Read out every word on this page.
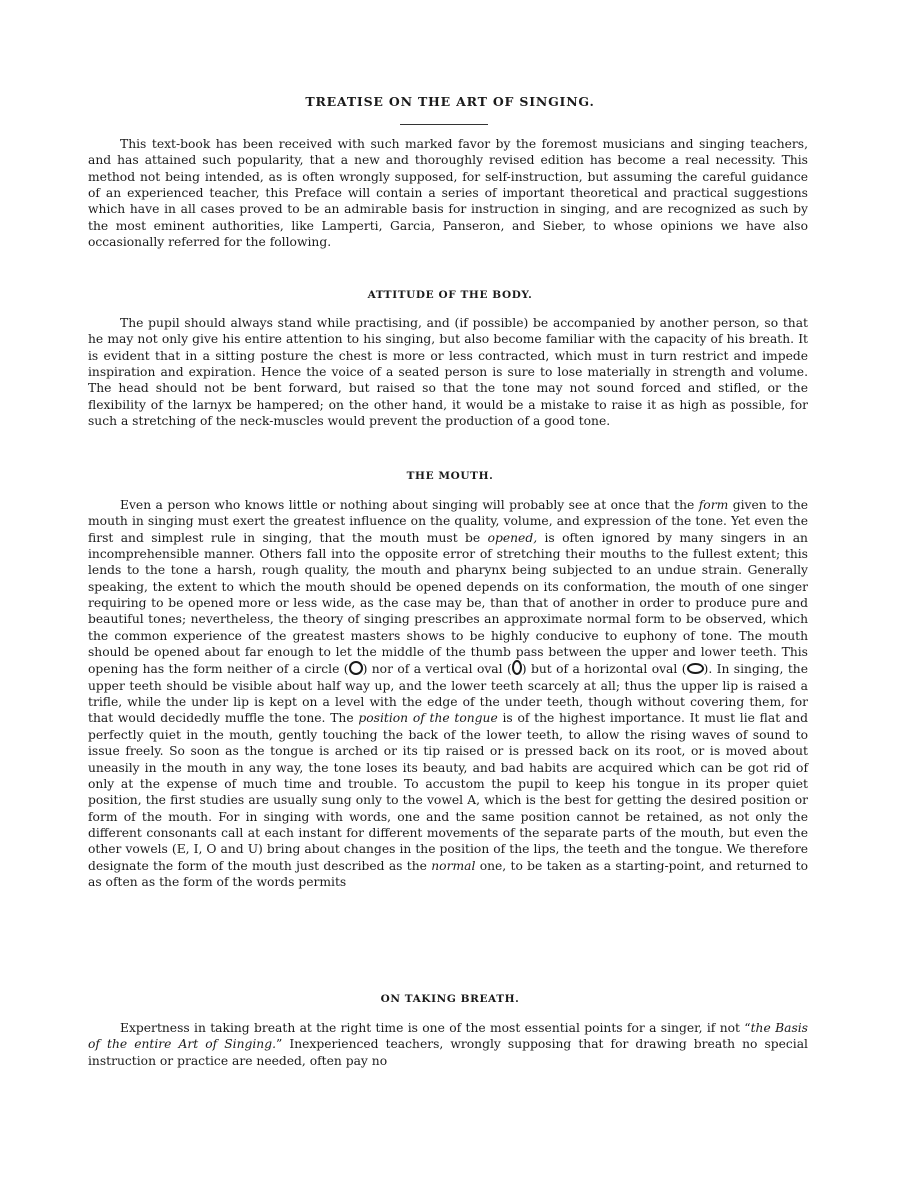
TREATISE ON THE ART OF SINGING.

This text-book has been received with such marked favor by the foremost musicians and singing teachers, and has attained such popularity, that a new and thoroughly revised edition has become a real necessity. This method not being intended, as is often wrongly supposed, for self-instruction, but assuming the careful guidance of an experienced teacher, this Preface will contain a series of important theoretical and practical suggestions which have in all cases proved to be an admirable basis for instruction in singing, and are recognized as such by the most eminent authorities, like Lamperti, Garcia, Panseron, and Sieber, to whose opinions we have also occasionally referred for the following.

ATTITUDE OF THE BODY.

The pupil should always stand while practising, and (if possible) be accompanied by another person, so that he may not only give his entire attention to his singing, but also become familiar with the capacity of his breath. It is evident that in a sitting posture the chest is more or less contracted, which must in turn restrict and impede inspiration and expiration. Hence the voice of a seated person is sure to lose materially in strength and volume. The head should not be bent forward, but raised so that the tone may not sound forced and stifled, or the flexibility of the larnyx be hampered; on the other hand, it would be a mistake to raise it as high as possible, for such a stretching of the neck-muscles would prevent the production of a good tone.

THE MOUTH.

Even a person who knows little or nothing about singing will probably see at once that the form given to the mouth in singing must exert the greatest influence on the quality, volume, and expression of the tone. Yet even the first and simplest rule in singing, that the mouth must be opened, is often ignored by many singers in an incomprehensible manner. Others fall into the opposite error of stretching their mouths to the fullest extent; this lends to the tone a harsh, rough quality, the mouth and pharynx being subjected to an undue strain. Generally speaking, the extent to which the mouth should be opened depends on its conformation, the mouth of one singer requiring to be opened more or less wide, as the case may be, than that of another in order to produce pure and beautiful tones; nevertheless, the theory of singing prescribes an approximate normal form to be observed, which the common experience of the greatest masters shows to be highly conducive to euphony of tone. The mouth should be opened about far enough to let the middle of the thumb pass between the upper and lower teeth. This opening has the form neither of a circle ( ) nor of a vertical oval ( ) but of a horizontal oval ( ). In singing, the upper teeth should be visible about half way up, and the lower teeth scarcely at all; thus the upper lip is raised a trifle, while the under lip is kept on a level with the edge of the under teeth, though without covering them, for that would decidedly muffle the tone. The position of the tongue is of the highest importance. It must lie flat and perfectly quiet in the mouth, gently touching the back of the lower teeth, to allow the rising waves of sound to issue freely. So soon as the tongue is arched or its tip raised or is pressed back on its root, or is moved about uneasily in the mouth in any way, the tone loses its beauty, and bad habits are acquired which can be got rid of only at the expense of much time and trouble. To accustom the pupil to keep his tongue in its proper quiet position, the first studies are usually sung only to the vowel A, which is the best for getting the desired position or form of the mouth. For in singing with words, one and the same position cannot be retained, as not only the different consonants call at each instant for different movements of the separate parts of the mouth, but even the other vowels (E, I, O and U) bring about changes in the position of the lips, the teeth and the tongue. We therefore designate the form of the mouth just described as the normal one, to be taken as a starting-point, and returned to as often as the form of the words permits

ON TAKING BREATH.

Expertness in taking breath at the right time is one of the most essential points for a singer, if not “the Basis of the entire Art of Singing.” Inexperienced teachers, wrongly supposing that for drawing breath no special instruction or practice are needed, often pay no
